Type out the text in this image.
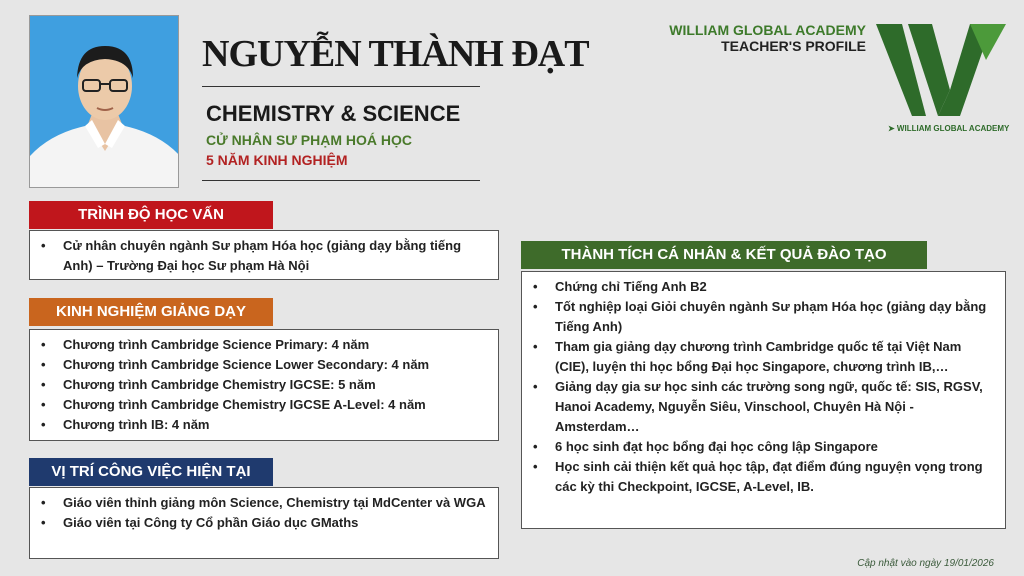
NGUYỄN THÀNH ĐẠT
CHEMISTRY & SCIENCE
CỬ NHÂN SƯ PHẠM HOÁ HỌC
5 NĂM KINH NGHIỆM
WILLIAM GLOBAL ACADEMY
TEACHER'S PROFILE
➤ WILLIAM GLOBAL ACADEMY
TRÌNH ĐỘ HỌC VẤN
• Cử nhân chuyên ngành Sư phạm Hóa học (giảng dạy bằng tiếng Anh) – Trường Đại học Sư phạm Hà Nội
KINH NGHIỆM GIẢNG DẠY
• Chương trình Cambridge Science Primary: 4 năm
• Chương trình Cambridge Science Lower Secondary: 4 năm
• Chương trình Cambridge Chemistry IGCSE: 5 năm
• Chương trình Cambridge Chemistry IGCSE A-Level: 4 năm
• Chương trình IB: 4 năm
VỊ TRÍ CÔNG VIỆC HIỆN TẠI
• Giáo viên thỉnh giảng môn Science, Chemistry tại MdCenter và WGA
• Giáo viên tại Công ty Cổ phần Giáo dục GMaths
THÀNH TÍCH CÁ NHÂN & KẾT QUẢ ĐÀO TẠO
• Chứng chỉ Tiếng Anh B2
• Tốt nghiệp loại Giỏi chuyên ngành Sư phạm Hóa học (giảng dạy bằng Tiếng Anh)
• Tham gia giảng dạy chương trình Cambridge quốc tế tại Việt Nam (CIE), luyện thi học bổng Đại học Singapore, chương trình IB,…
• Giảng dạy gia sư học sinh các trường song ngữ, quốc tế: SIS, RGSV, Hanoi Academy, Nguyễn Siêu, Vinschool, Chuyên Hà Nội - Amsterdam…
• 6 học sinh đạt học bổng đại học công lập Singapore
• Học sinh cải thiện kết quả học tập, đạt điểm đúng nguyện vọng trong các kỳ thi Checkpoint, IGCSE, A-Level, IB.
Cập nhật vào ngày 19/01/2026
